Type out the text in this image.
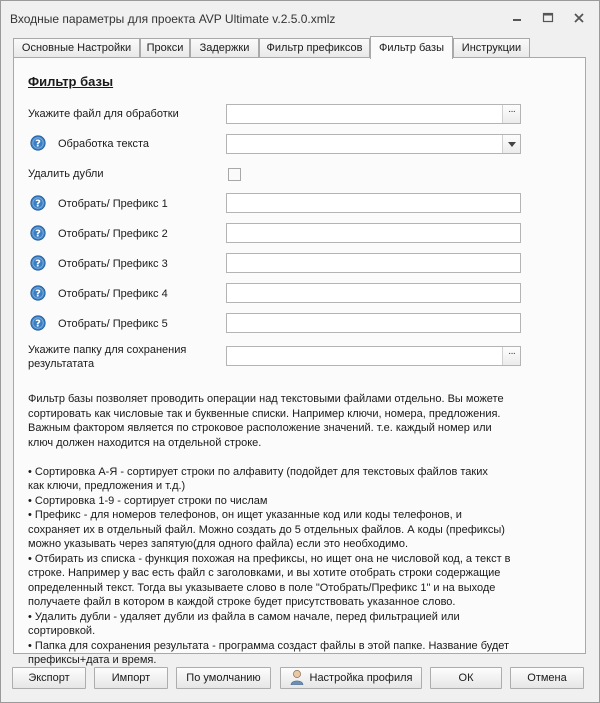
Входные параметры для проекта AVP Ultimate v.2.5.0.xmlz
Основные Настройки	Прокси	Задержки	Фильтр префиксов	Фильтр базы	Инструкции
Фильтр базы
Укажите файл для обработки	···
? Обработка текста
Удалить дубли
? Отобрать/ Префикс 1
? Отобрать/ Префикс 2
? Отобрать/ Префикс 3
? Отобрать/ Префикс 4
? Отобрать/ Префикс 5
Укажите папку для сохранения
результатата
···

Фильтр базы позволяет проводить операции над текстовыми файлами отдельно. Вы можете

сортировать как числовые так и буквенные списки. Например ключи, номера, предложения.

Важным фактором является по строковое расположение значений. т.е. каждый номер или

ключ должен находится на отдельной строке.

• Сортировка А-Я - сортирует строки по алфавиту (подойдет для текстовых файлов таких

как ключи, предложения и т.д.)

• Сортировка 1-9 - сортирует строки по числам

• Префикс - для номеров телефонов, он ищет указанные код или коды телефонов, и

сохраняет их в отдельный файл. Можно создать до 5 отдельных файлов. А коды (префиксы)

можно указывать через запятую(для одного файла) если это необходимо.

• Отбирать из списка - функция похожая на префиксы, но ищет она не числовой код, а текст в

строке. Например у вас есть файл с заголовками, и вы хотите отобрать строки содержащие

определенный текст. Тогда вы указываете слово в поле "Отобрать/Префикс 1" и на выходе

получаете файл в котором в каждой строке будет присутствовать указанное слово.

• Удалить дубли - удаляет дубли из файла в самом начале, перед фильтрацией или

сортировкой.

• Папка для сохранения результата - программа создаст файлы в этой папке. Название будет

префиксы+дата и время.

Экспорт	Импорт	По умолчанию	Настройка профиля	ОК	Отмена
